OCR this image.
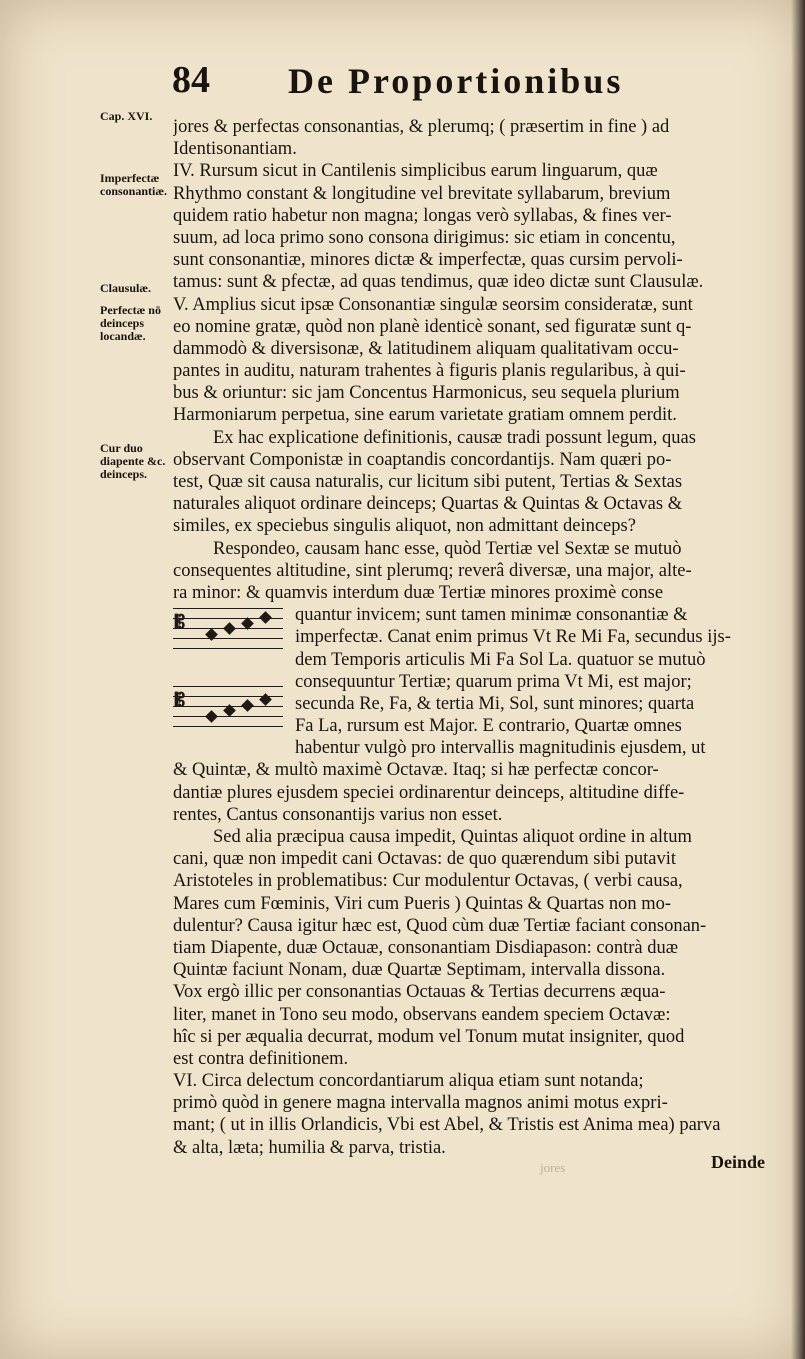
84 De Proportionibus
Cap. XVI.
Imperfectæ consonantiæ.
Clausulæ.
Perfectæ nō deinceps locandæ.
Cur duo diapente &c. deinceps.
jores & perfectas consonantias, & plerumq; ( præsertim in fine ) ad
Identisonantiam.
IV. Rursum sicut in Cantilenis simplicibus earum linguarum, quæ
Rhythmo constant & longitudine vel brevitate syllabarum, brevium
quidem ratio habetur non magna; longas verò syllabas, & fines ver-
suum, ad loca primo sono consona dirigimus: sic etiam in concentu,
sunt consonantiæ, minores dictæ & imperfectæ, quas cursim pervoli-
tamus: sunt & pfectæ, ad quas tendimus, quæ ideo dictæ sunt Clausulæ.
V. Amplius sicut ipsæ Consonantiæ singulæ seorsim consideratæ, sunt
eo nomine gratæ, quòd non planè identicè sonant, sed figuratæ sunt q-
dammodò & diversisonæ, & latitudinem aliquam qualitativam occu-
pantes in auditu, naturam trahentes à figuris planis regularibus, à qui-
bus & oriuntur: sic jam Concentus Harmonicus, seu sequela plurium
Harmoniarum perpetua, sine earum varietate gratiam omnem perdit.
Ex hac explicatione definitionis, causæ tradi possunt legum, quas
observant Componistæ in coaptandis concordantijs. Nam quæri po-
test, Quæ sit causa naturalis, cur licitum sibi putent, Tertias & Sextas
naturales aliquot ordinare deinceps; Quartas & Quintas & Octavas &
similes, ex speciebus singulis aliquot, non admittant deinceps?
Respondeo, causam hanc esse, quòd Tertiæ vel Sextæ se mutuò
consequentes altitudine, sint plerumq; reverâ diversæ, una major, alte-
ra minor: & quamvis interdum duæ Tertiæ minores proximè conse
quantur invicem; sunt tamen minimæ consonantiæ &
imperfectæ. Canat enim primus Vt Re Mi Fa, secundus ijs-
dem Temporis articulis Mi Fa Sol La. quatuor se mutuò
consequuntur Tertiæ; quarum prima Vt Mi, est major;
secunda Re, Fa, & tertia Mi, Sol, sunt minores; quarta
Fa La, rursum est Major. E contrario, Quartæ omnes
habentur vulgò pro intervallis magnitudinis ejusdem, ut
& Quintæ, & multò maximè Octavæ. Itaq; si hæ perfectæ concor-
dantiæ plures ejusdem speciei ordinarentur deinceps, altitudine diffe-
rentes, Cantus consonantijs varius non esset.
Sed alia præcipua causa impedit, Quintas aliquot ordine in altum
cani, quæ non impedit cani Octavas: de quo quærendum sibi putavit
Aristoteles in problematibus: Cur modulentur Octavas, ( verbi causa,
Mares cum Fœminis, Viri cum Pueris ) Quintas & Quartas non mo-
dulentur? Causa igitur hæc est, Quod cùm duæ Tertiæ faciant consonan-
tiam Diapente, duæ Octauæ, consonantiam Disdiapason: contrà duæ
Quintæ faciunt Nonam, duæ Quartæ Septimam, intervalla dissona.
Vox ergò illic per consonantias Octauas & Tertias decurrens æqua-
liter, manet in Tono seu modo, observans eandem speciem Octavæ:
hîc si per æqualia decurrat, modum vel Tonum mutat insigniter, quod
est contra definitionem.
VI. Circa delectum concordantiarum aliqua etiam sunt notanda;
primò quòd in genere magna intervalla magnos animi motus expri-
mant; ( ut in illis Orlandicis, Vbi est Abel, & Tristis est Anima mea) parva
& alta, læta; humilia & parva, tristia.
𝄡
𝄡
jores	Deinde
